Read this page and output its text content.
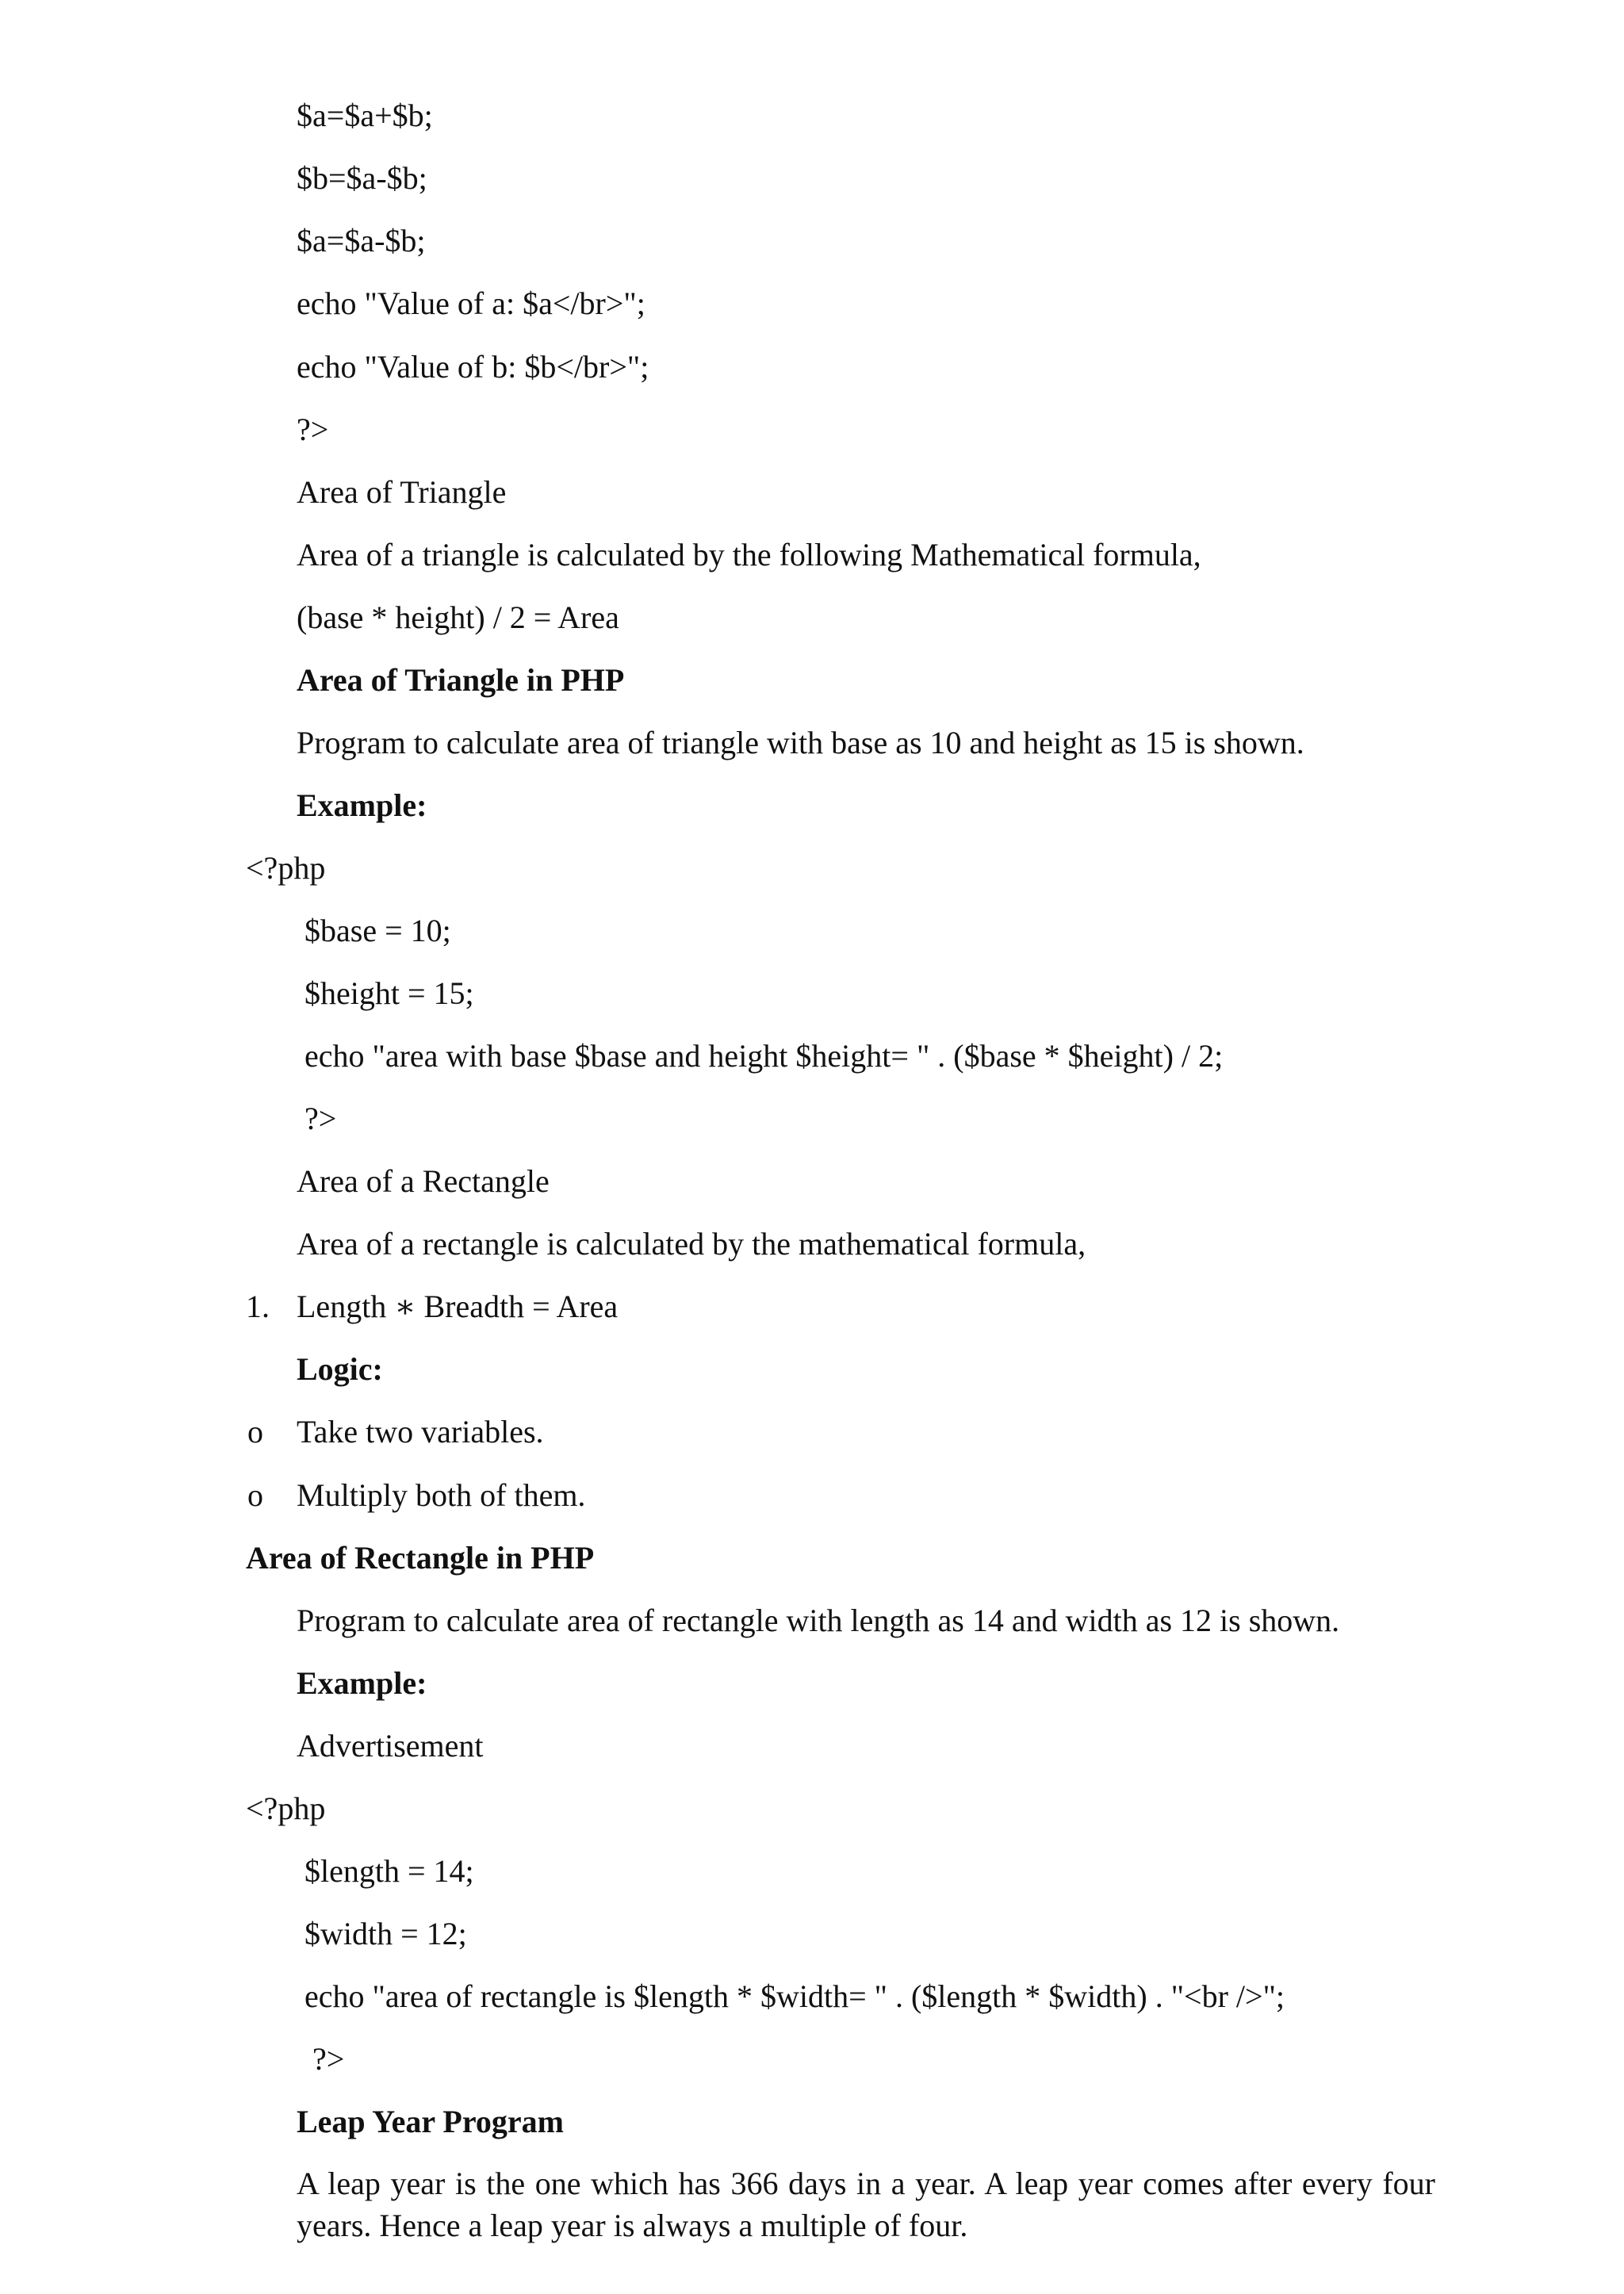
$a=$a+$b;
$b=$a-$b;
$a=$a-$b;
echo "Value of a: $a</br>";
echo "Value of b: $b</br>";
?>
Area of Triangle
Area of a triangle is calculated by the following Mathematical formula,
(base * height) / 2 = Area
Area of Triangle in PHP
Program to calculate area of triangle with base as 10 and height as 15 is shown.
Example:
<?php
$base = 10;
$height = 15;
echo "area with base $base and height $height= " . ($base * $height) / 2;
?>
Area of a Rectangle
Area of a rectangle is calculated by the mathematical formula,
1. Length ∗ Breadth = Area
Logic:
o Take two variables.
o Multiply both of them.
Area of Rectangle in PHP
Program to calculate area of rectangle with length as 14 and width as 12 is shown.
Example:
Advertisement
<?php
$length = 14;
$width = 12;
echo "area of rectangle is $length * $width= " . ($length * $width) . "<br />";
?>
Leap Year Program
A leap year is the one which has 366 days in a year. A leap year comes after every four years. Hence a leap year is always a multiple of four.
